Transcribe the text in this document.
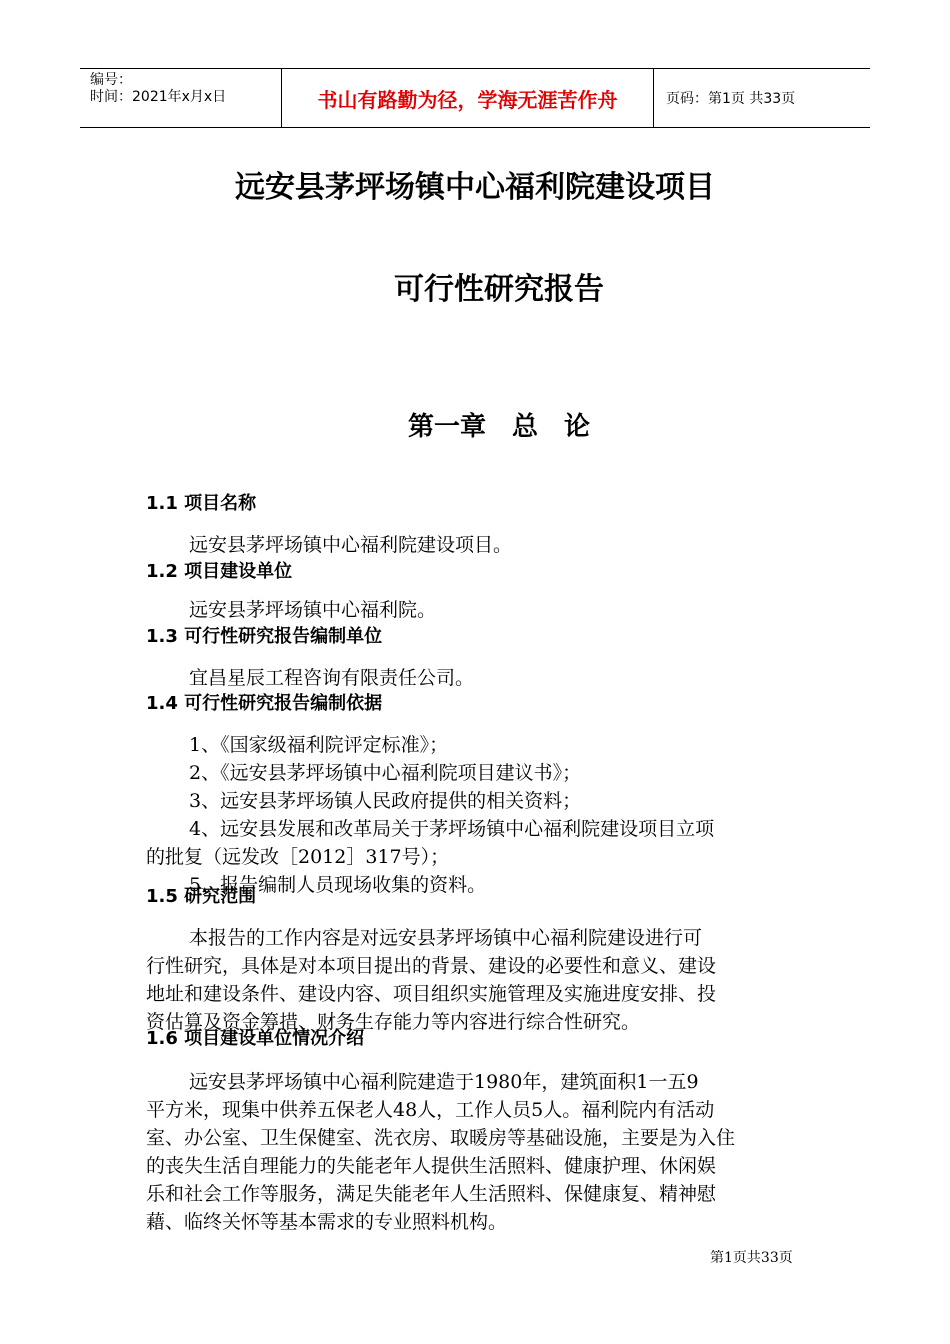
编号：
时间：2021年x月x日	书山有路勤为径，学海无涯苦作舟	页码：第1页 共33页
远安县茅坪场镇中心福利院建设项目
可行性研究报告
第一章　总　论
1.1 项目名称
远安县茅坪场镇中心福利院建设项目。
1.2 项目建设单位
远安县茅坪场镇中心福利院。
1.3 可行性研究报告编制单位
宜昌星辰工程咨询有限责任公司。
1.4 可行性研究报告编制依据
1、《国家级福利院评定标准》；
2、《远安县茅坪场镇中心福利院项目建议书》；
3、远安县茅坪场镇人民政府提供的相关资料；
4、远安县发展和改革局关于茅坪场镇中心福利院建设项目立项
的批复（远发改［2012］317号）；
5、报告编制人员现场收集的资料。
1.5 研究范围
本报告的工作内容是对远安县茅坪场镇中心福利院建设进行可
行性研究，具体是对本项目提出的背景、建设的必要性和意义、建设
地址和建设条件、建设内容、项目组织实施管理及实施进度安排、投
资估算及资金筹措、财务生存能力等内容进行综合性研究。
1.6 项目建设单位情况介绍
远安县茅坪场镇中心福利院建造于1980年，建筑面积1一五9
平方米，现集中供养五保老人48人，工作人员5人。福利院内有活动
室、办公室、卫生保健室、洗衣房、取暖房等基础设施，主要是为入住
的丧失生活自理能力的失能老年人提供生活照料、健康护理、休闲娱
乐和社会工作等服务，满足失能老年人生活照料、保健康复、精神慰
藉、临终关怀等基本需求的专业照料机构。
第1页共33页
